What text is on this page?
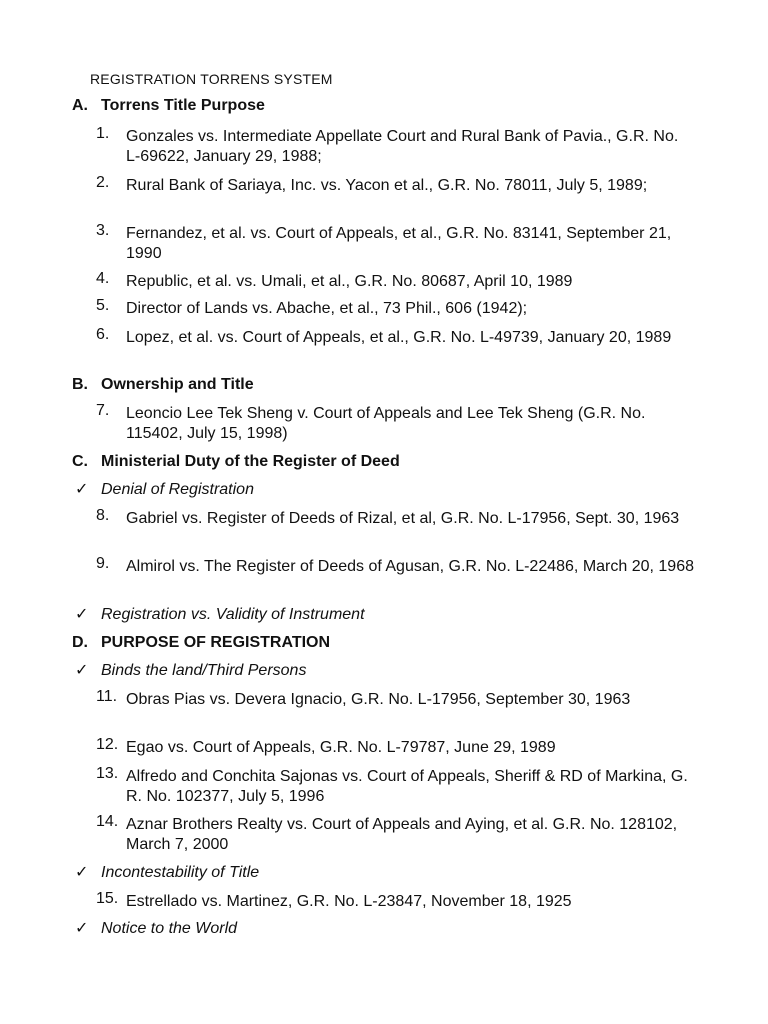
REGISTRATION TORRENS SYSTEM
A. Torrens Title Purpose
1.	Gonzales vs. Intermediate Appellate Court and Rural Bank of Pavia., G.R. No. L-69622, January 29, 1988;
2.	Rural Bank of Sariaya, Inc. vs. Yacon et al., G.R. No. 78011, July 5, 1989;
3.	Fernandez, et al. vs. Court of Appeals, et al., G.R. No. 83141, September 21, 1990
4.	Republic, et al. vs. Umali, et al., G.R. No. 80687, April 10, 1989
5.	Director of Lands vs. Abache, et al., 73 Phil., 606 (1942);
6.	Lopez, et al. vs. Court of Appeals, et al., G.R. No. L-49739, January 20, 1989
B. Ownership and Title
7.	Leoncio Lee Tek Sheng v. Court of Appeals and Lee Tek Sheng (G.R. No. 115402, July 15, 1998)
C. Ministerial Duty of the Register of Deed
✓ Denial of Registration
8.	Gabriel vs. Register of Deeds of Rizal, et al, G.R. No. L-17956, Sept. 30, 1963
9.	Almirol vs. The Register of Deeds of Agusan, G.R. No. L-22486, March 20, 1968
✓ Registration vs. Validity of Instrument
D. PURPOSE OF REGISTRATION
✓ Binds the land/Third Persons
11. Obras Pias vs. Devera Ignacio, G.R. No. L-17956, September 30, 1963
12. Egao vs. Court of Appeals, G.R. No. L-79787, June 29, 1989
13. Alfredo and Conchita Sajonas vs. Court of Appeals, Sheriff & RD of Markina, G. R. No. 102377, July 5, 1996
14. Aznar Brothers Realty vs. Court of Appeals and Aying, et al. G.R. No. 128102, March 7, 2000
✓ Incontestability of Title
15. Estrellado vs. Martinez, G.R. No. L-23847, November 18, 1925
✓ Notice to the World
